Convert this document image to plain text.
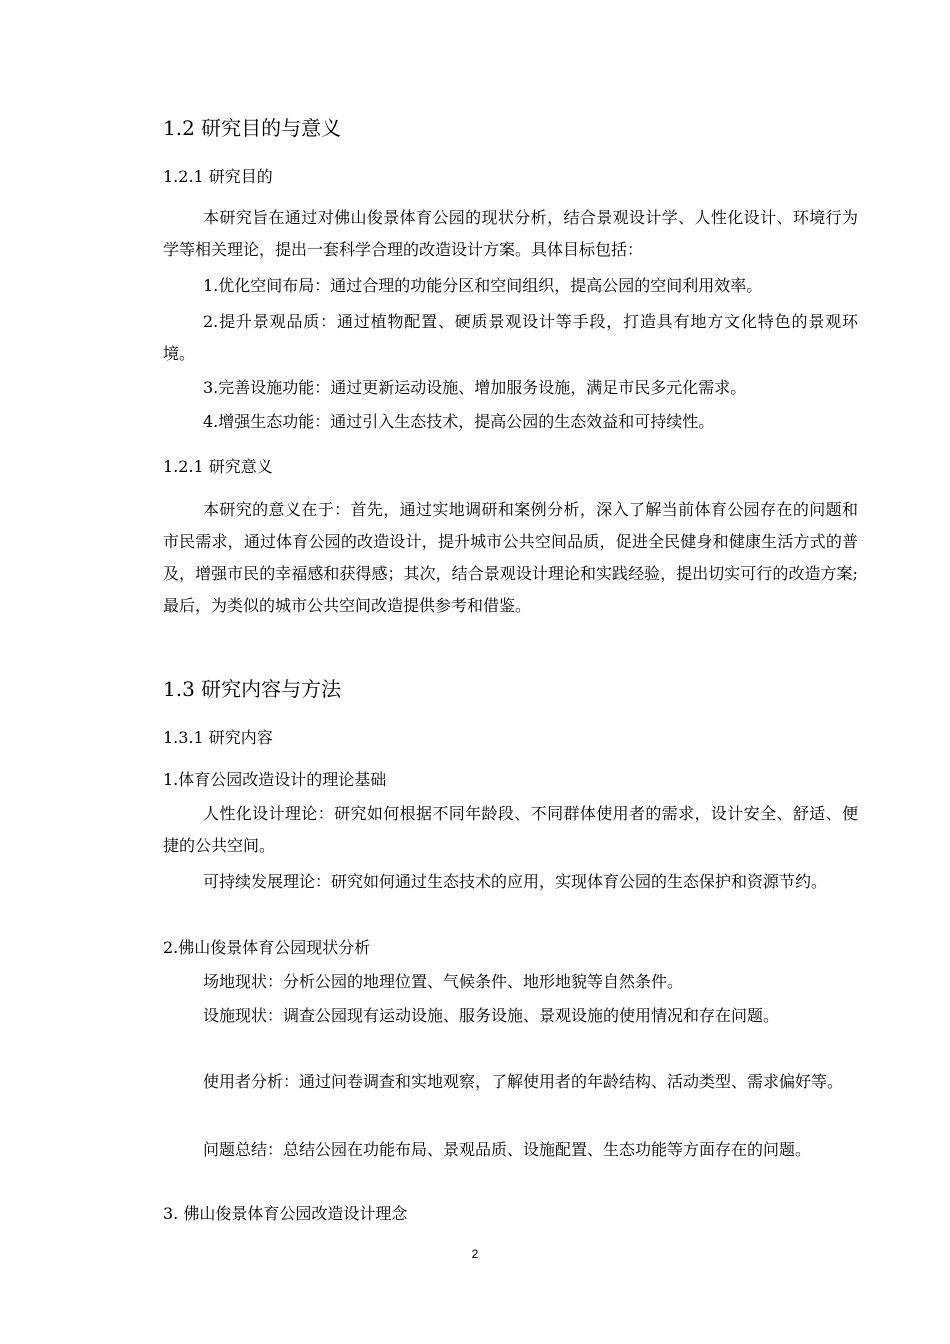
1.2 研究目的与意义
1.2.1 研究目的

本研究旨在通过对佛山俊景体育公园的现状分析，结合景观设计学、人性化设计、环境行为学等相关理论，提出一套科学合理的改造设计方案。具体目标包括：

1.优化空间布局：通过合理的功能分区和空间组织，提高公园的空间利用效率。

2.提升景观品质：通过植物配置、硬质景观设计等手段，打造具有地方文化特色的景观环境。

3.完善设施功能：通过更新运动设施、增加服务设施，满足市民多元化需求。
4.增强生态功能：通过引入生态技术，提高公园的生态效益和可持续性。
1.2.1 研究意义

本研究的意义在于：首先，通过实地调研和案例分析，深入了解当前体育公园存在的问题和市民需求，通过体育公园的改造设计，提升城市公共空间品质，促进全民健身和健康生活方式的普及，增强市民的幸福感和获得感；其次，结合景观设计理论和实践经验，提出切实可行的改造方案;最后，为类似的城市公共空间改造提供参考和借鉴。

1.3 研究内容与方法
1.3.1 研究内容
1.体育公园改造设计的理论基础

人性化设计理论：研究如何根据不同年龄段、不同群体使用者的需求，设计安全、舒适、便捷的公共空间。

可持续发展理论：研究如何通过生态技术的应用，实现体育公园的生态保护和资源节约。

2.佛山俊景体育公园现状分析
场地现状：分析公园的地理位置、气候条件、地形地貌等自然条件。

设施现状：调查公园现有运动设施、服务设施、景观设施的使用情况和存在问题。

使用者分析：通过问卷调查和实地观察，了解使用者的年龄结构、活动类型、需求偏好等。

问题总结：总结公园在功能布局、景观品质、设施配置、生态功能等方面存在的问题。

3. 佛山俊景体育公园改造设计理念
2
